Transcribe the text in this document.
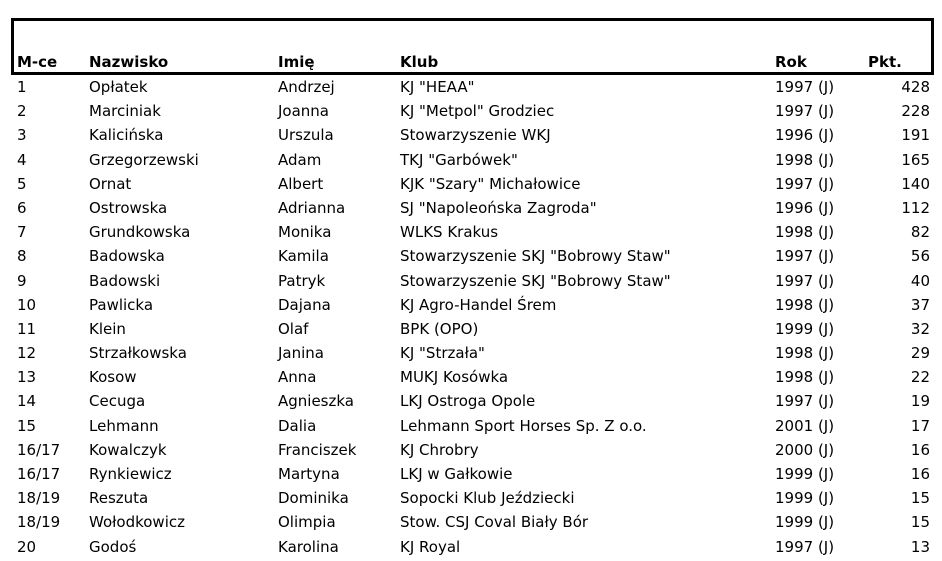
M-ce Nazwisko	Imię	Klub	Rok	Pkt.
1	Opłatek	Andrzej	KJ "HEAA"	1997 (J)	428
2	Marciniak	Joanna	KJ "Metpol" Grodziec	1997 (J)	228
3	Kalicińska	Urszula	Stowarzyszenie WKJ	1996 (J)	191
4	Grzegorzewski	Adam	TKJ "Garbówek"	1998 (J)	165
5	Ornat	Albert	KJK "Szary" Michałowice	1997 (J)	140
6	Ostrowska	Adrianna	SJ "Napoleońska Zagroda"	1996 (J)	112
7	Grundkowska	Monika	WLKS Krakus	1998 (J)	82
8	Badowska	Kamila	Stowarzyszenie SKJ "Bobrowy Staw"	1997 (J)	56
9	Badowski	Patryk	Stowarzyszenie SKJ "Bobrowy Staw"	1997 (J)	40
10	Pawlicka	Dajana	KJ Agro-Handel Śrem	1998 (J)	37
11	Klein	Olaf	BPK (OPO)	1999 (J)	32
12	Strzałkowska	Janina	KJ "Strzała"	1998 (J)	29
13	Kosow	Anna	MUKJ Kosówka	1998 (J)	22
14	Cecuga	Agnieszka	LKJ Ostroga Opole	1997 (J)	19
15	Lehmann	Dalia	Lehmann Sport Horses Sp. Z o.o.	2001 (J)	17
16/17 Kowalczyk	Franciszek	KJ Chrobry	2000 (J)	16
16/17 Rynkiewicz	Martyna	LKJ w Gałkowie	1999 (J)	16
18/19 Reszuta	Dominika	Sopocki Klub Jeździecki	1999 (J)	15
18/19 Wołodkowicz	Olimpia	Stow. CSJ Coval Biały Bór	1999 (J)	15
20	Godoś	Karolina	KJ Royal	1997 (J)	13
